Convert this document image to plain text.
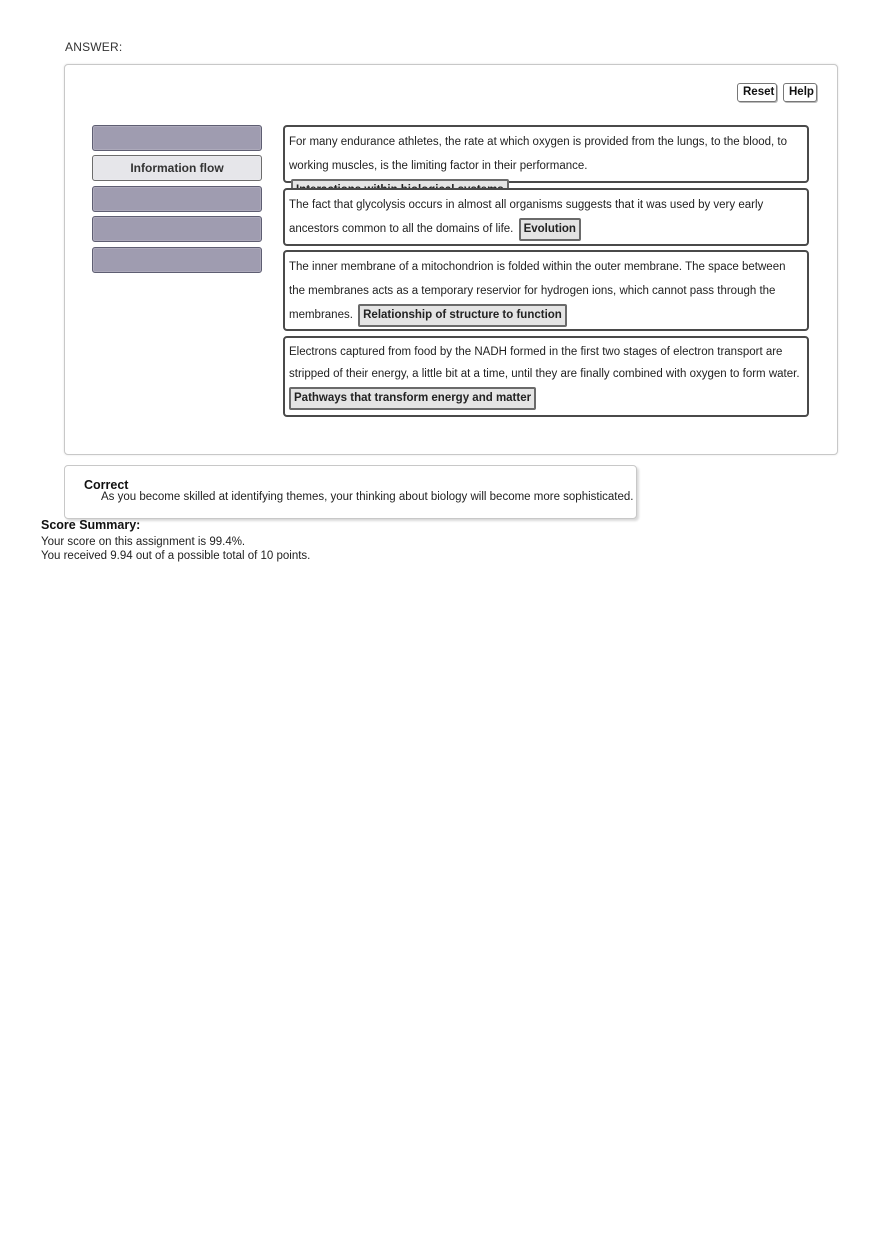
ANSWER:
Reset	Help
Information flow
For many endurance athletes, the rate at which oxygen is provided from the lungs, to the blood, to working muscles, is the limiting factor in their performance.
The fact that glycolysis occurs in almost all organisms suggests that it was used by very early ancestors common to all the domains of life. Evolution
The inner membrane of a mitochondrion is folded within the outer membrane. The space between the membranes acts as a temporary reservior for hydrogen ions, which cannot pass through the membranes. Relationship of structure to function
Electrons captured from food by the NADH formed in the first two stages of electron transport are stripped of their energy, a little bit at a time, until they are finally combined with oxygen to form water. Pathways that transform energy and matter
Correct
As you become skilled at identifying themes, your thinking about biology will become more sophisticated.
Score Summary:
Your score on this assignment is 99.4%.
You received 9.94 out of a possible total of 10 points.
